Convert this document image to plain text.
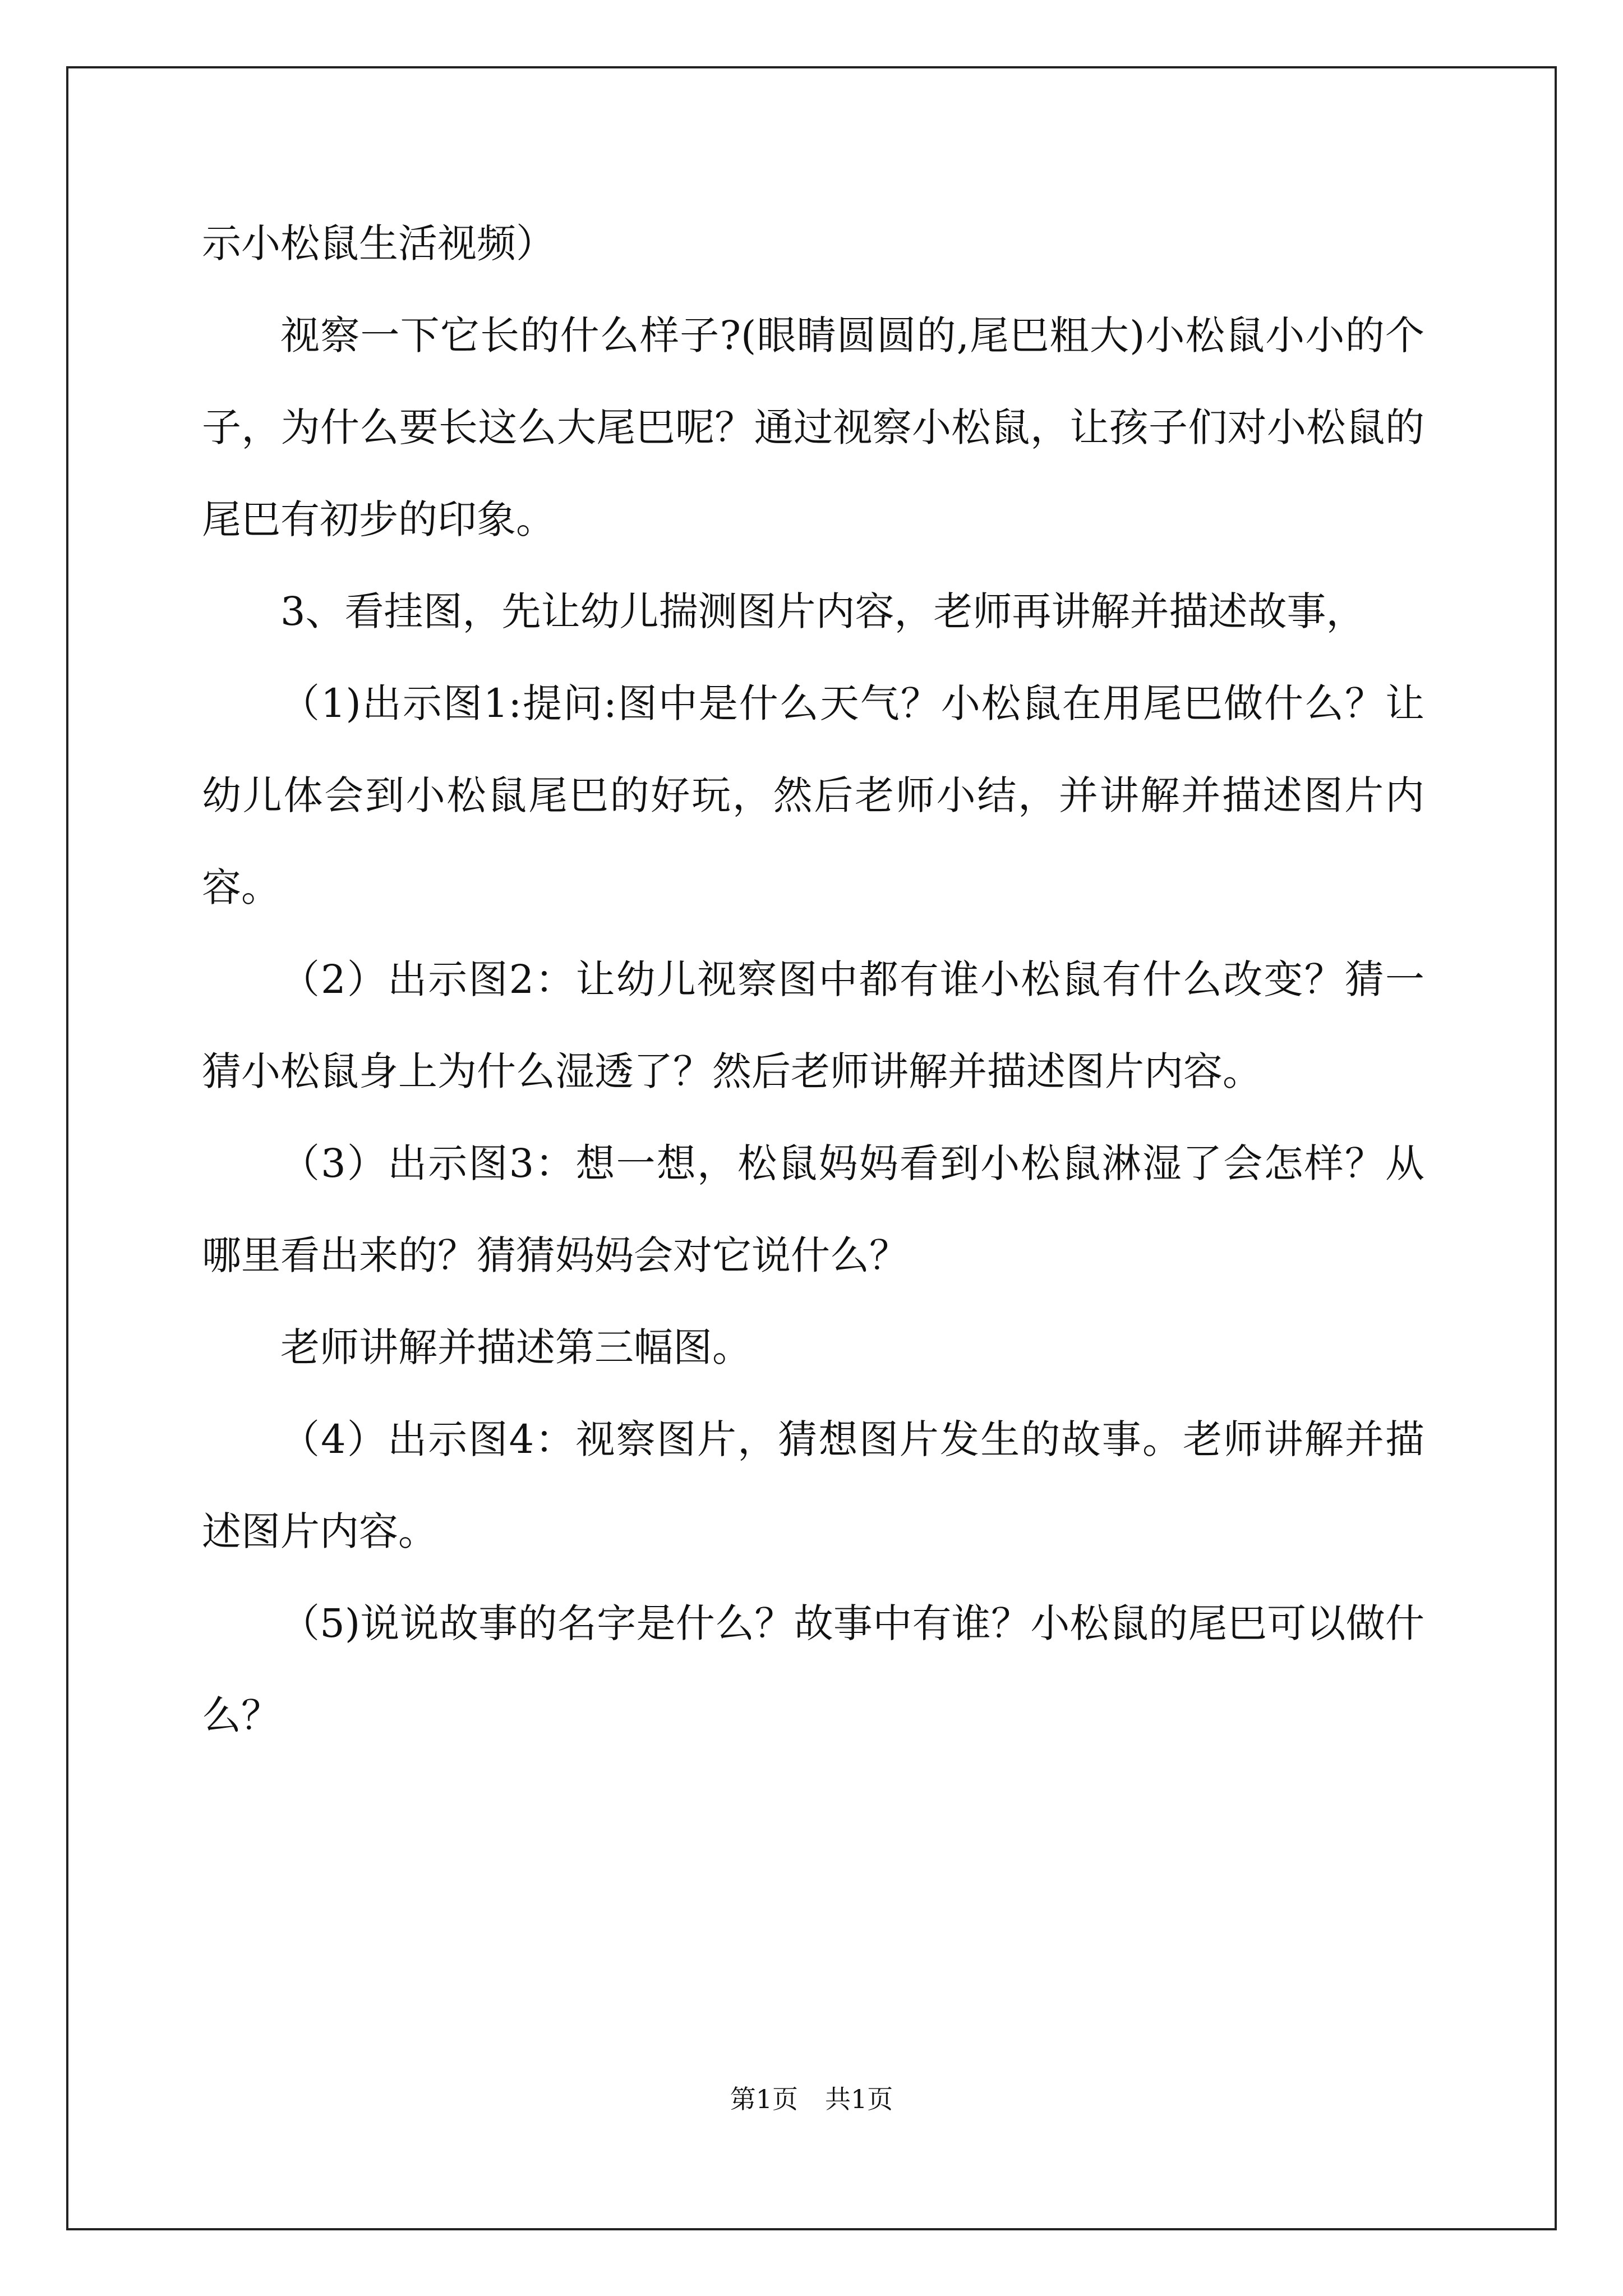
示小松鼠生活视频）

视察一下它长的什么样子?(眼睛圆圆的,尾巴粗大)小松鼠小小的个子，为什么要长这么大尾巴呢？通过视察小松鼠，让孩子们对小松鼠的尾巴有初步的印象。

3、看挂图，先让幼儿揣测图片内容，老师再讲解并描述故事，

（1)出示图1:提问:图中是什么天气？小松鼠在用尾巴做什么？让幼儿体会到小松鼠尾巴的好玩，然后老师小结，并讲解并描述图片内容。

（2）出示图2：让幼儿视察图中都有谁小松鼠有什么改变？猜一猜小松鼠身上为什么湿透了？然后老师讲解并描述图片内容。

（3）出示图3：想一想，松鼠妈妈看到小松鼠淋湿了会怎样？从哪里看出来的？猜猜妈妈会对它说什么？

老师讲解并描述第三幅图。

（4）出示图4：视察图片，猜想图片发生的故事。老师讲解并描述图片内容。

（5)说说故事的名字是什么？故事中有谁？小松鼠的尾巴可以做什么？

第1页 共1页
